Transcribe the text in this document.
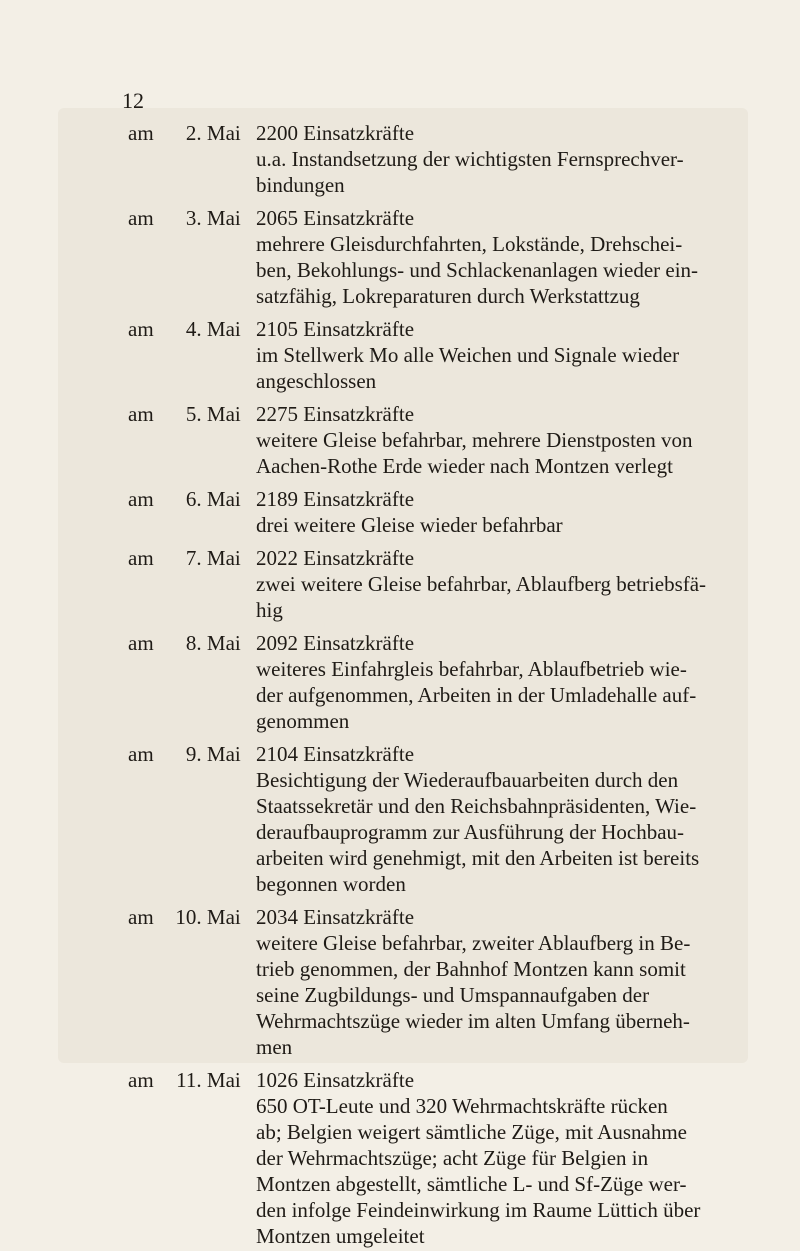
12
am 2. Mai 2200 Einsatzkräfte
u.a. Instandsetzung der wichtigsten Fernsprechver-
bindungen
am 3. Mai 2065 Einsatzkräfte
mehrere Gleisdurchfahrten, Lokstände, Drehschei-
ben, Bekohlungs- und Schlackenanlagen wieder ein-
satzfähig, Lokreparaturen durch Werkstattzug
am 4. Mai 2105 Einsatzkräfte
im Stellwerk Mo alle Weichen und Signale wieder
angeschlossen
am 5. Mai 2275 Einsatzkräfte
weitere Gleise befahrbar, mehrere Dienstposten von
Aachen-Rothe Erde wieder nach Montzen verlegt
am 6. Mai 2189 Einsatzkräfte
drei weitere Gleise wieder befahrbar
am 7. Mai 2022 Einsatzkräfte
zwei weitere Gleise befahrbar, Ablaufberg betriebsfä-
hig
am 8. Mai 2092 Einsatzkräfte
weiteres Einfahrgleis befahrbar, Ablaufbetrieb wie-
der aufgenommen, Arbeiten in der Umladehalle auf-
genommen
am 9. Mai 2104 Einsatzkräfte
Besichtigung der Wiederaufbauarbeiten durch den
Staatssekretär und den Reichsbahnpräsidenten, Wie-
deraufbauprogramm zur Ausführung der Hochbau-
arbeiten wird genehmigt, mit den Arbeiten ist bereits
begonnen worden
am 10. Mai 2034 Einsatzkräfte
weitere Gleise befahrbar, zweiter Ablaufberg in Be-
trieb genommen, der Bahnhof Montzen kann somit
seine Zugbildungs- und Umspannaufgaben der
Wehrmachtszüge wieder im alten Umfang überneh-
men
am 11. Mai 1026 Einsatzkräfte
650 OT-Leute und 320 Wehrmachtskräfte rücken
ab; Belgien weigert sämtliche Züge, mit Ausnahme
der Wehrmachtszüge; acht Züge für Belgien in
Montzen abgestellt, sämtliche L- und Sf-Züge wer-
den infolge Feindeinwirkung im Raume Lüttich über
Montzen umgeleitet
